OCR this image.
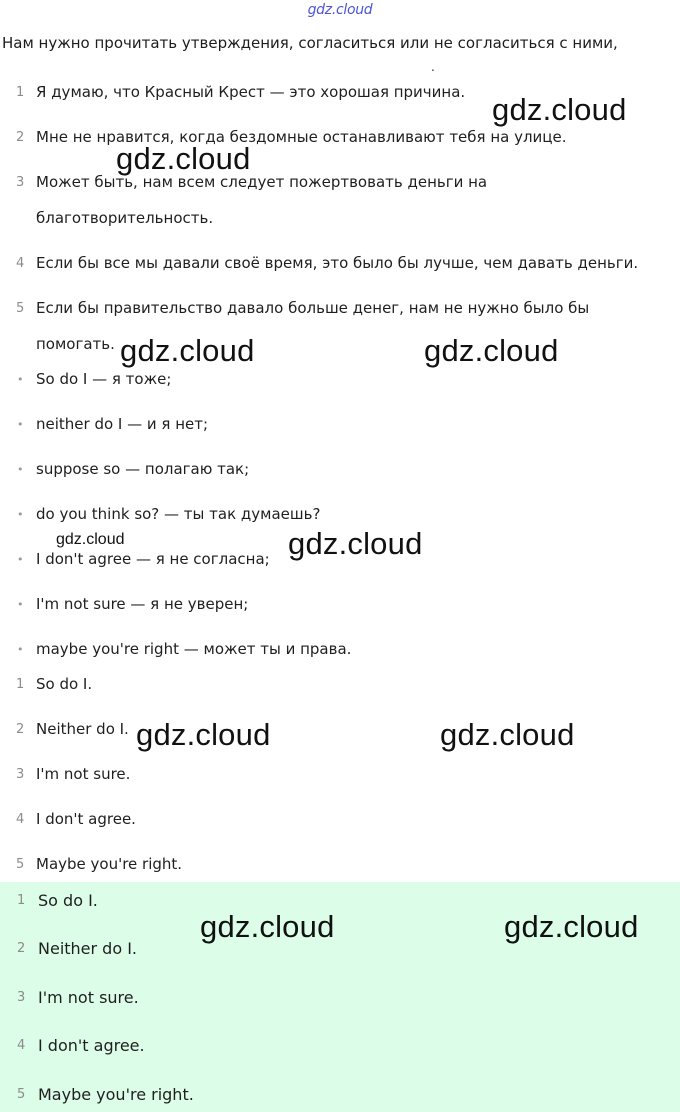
gdz.cloud
Нам нужно прочитать утверждения, согласиться или не согласиться с ними,
.
1 Я думаю, что Красный Крест — это хорошая причина.
2 Мне не нравится, когда бездомные останавливают тебя на улице.
3 Может быть, нам всем следует пожертвовать деньги на
благотворительность.
4 Если бы все мы давали своё время, это было бы лучше, чем давать деньги.
5 Если бы правительство давало больше денег, нам не нужно было бы
помогать.
• So do I — я тоже;
• neither do I — и я нет;
• suppose so — полагаю так;
• do you think so? — ты так думаешь?
• I don't agree — я не согласна;
• I'm not sure — я не уверен;
• maybe you're right — может ты и права.
1 So do I.
2 Neither do I.
3 I'm not sure.
4 I don't agree.
5 Maybe you're right.
1 So do I.
2 Neither do I.
3 I'm not sure.
4 I don't agree.
5 Maybe you're right.
gdz.cloud
gdz.cloud
gdz.cloud	gdz.cloud
gdz.cloud	gdz.cloud
gdz.cloud	gdz.cloud
gdz.cloud	gdz.cloud
